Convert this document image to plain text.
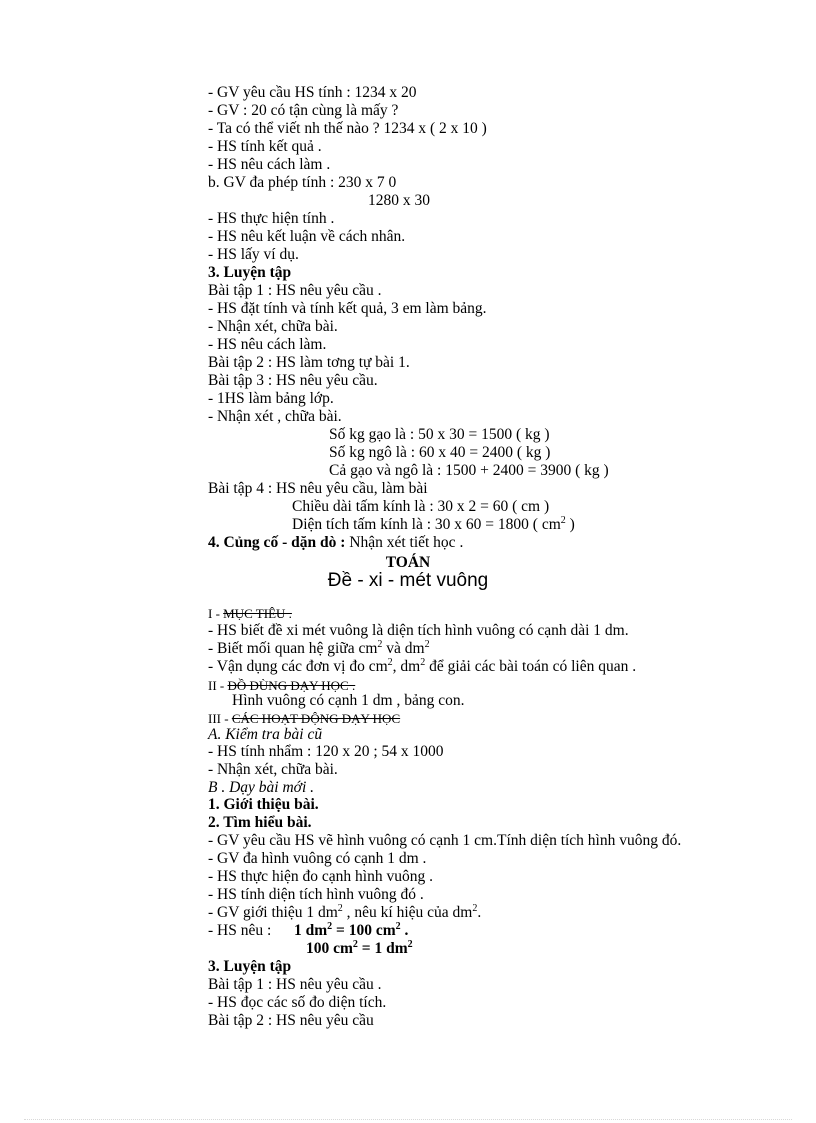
- GV yêu cầu HS tính : 1234 x 20
- GV : 20 có tận cùng là mấy ?
- Ta có thể viết nh thế nào ? 1234 x ( 2 x 10 )
- HS tính kết quả .
- HS nêu cách làm .
b. GV đa phép tính : 230 x 7 0
1280 x 30
- HS thực hiện tính .
- HS nêu kết luận về cách nhân.
- HS lấy ví dụ.
3. Luyện tập
Bài tập 1 : HS nêu yêu cầu .
- HS đặt tính và tính kết quả, 3 em làm bảng.
- Nhận xét, chữa bài.
- HS nêu cách làm.
Bài tập 2 : HS làm tơng tự bài 1.
Bài tập 3 : HS nêu yêu cầu.
- 1HS làm bảng lớp.
- Nhận xét , chữa bài.
Số kg gạo là : 50 x 30 = 1500 ( kg )
Số kg ngô là : 60 x 40 = 2400 ( kg )
Cả gạo và ngô là : 1500 + 2400 = 3900 ( kg )
Bài tập 4 : HS nêu yêu cầu, làm bài
Chiều dài tấm kính là : 30 x 2 = 60 ( cm )
Diện tích tấm kính là : 30 x 60 = 1800 ( $cm^2$ )
4. Củng cố - dặn dò : Nhận xét tiết học .
TOÁN
Đề - xi - mét vuông
I - MỤC TIÊU .
- HS biết đề xi mét vuông là diện tích hình vuông có cạnh dài 1 dm.
- Biết mối quan hệ giữa $cm^2$ và $dm^2$
- Vận dụng các đơn vị đo $cm^2$, $dm^2$ để giải các bài toán có liên quan .
II - ĐỒ DÙNG DẠY HỌC .
Hình vuông có cạnh 1 dm , bảng con.
III - CÁC HOẠT ĐỘNG DẠY HỌC
A. Kiểm tra bài cũ
- HS tính nhẩm : 120 x 20 ; 54 x 1000
- Nhận xét, chữa bài.
B . Dạy bài mới .
1. Giới thiệu bài.
2. Tìm hiểu bài.
- GV yêu cầu HS vẽ hình vuông có cạnh 1 cm.Tính diện tích hình vuông đó.
- GV đa hình vuông có cạnh 1 dm .
- HS thực hiện đo cạnh hình vuông .
- HS tính diện tích hình vuông đó .
- GV giới thiệu 1 $dm^2$ , nêu kí hiệu của $dm^2$.
- HS nêu : 1 $dm^2 = 100$ $cm^2$ .
100 $cm^2 = 1$ $dm^2$
3. Luyện tập
Bài tập 1 : HS nêu yêu cầu .
- HS đọc các số đo diện tích.
Bài tập 2 : HS nêu yêu cầu
